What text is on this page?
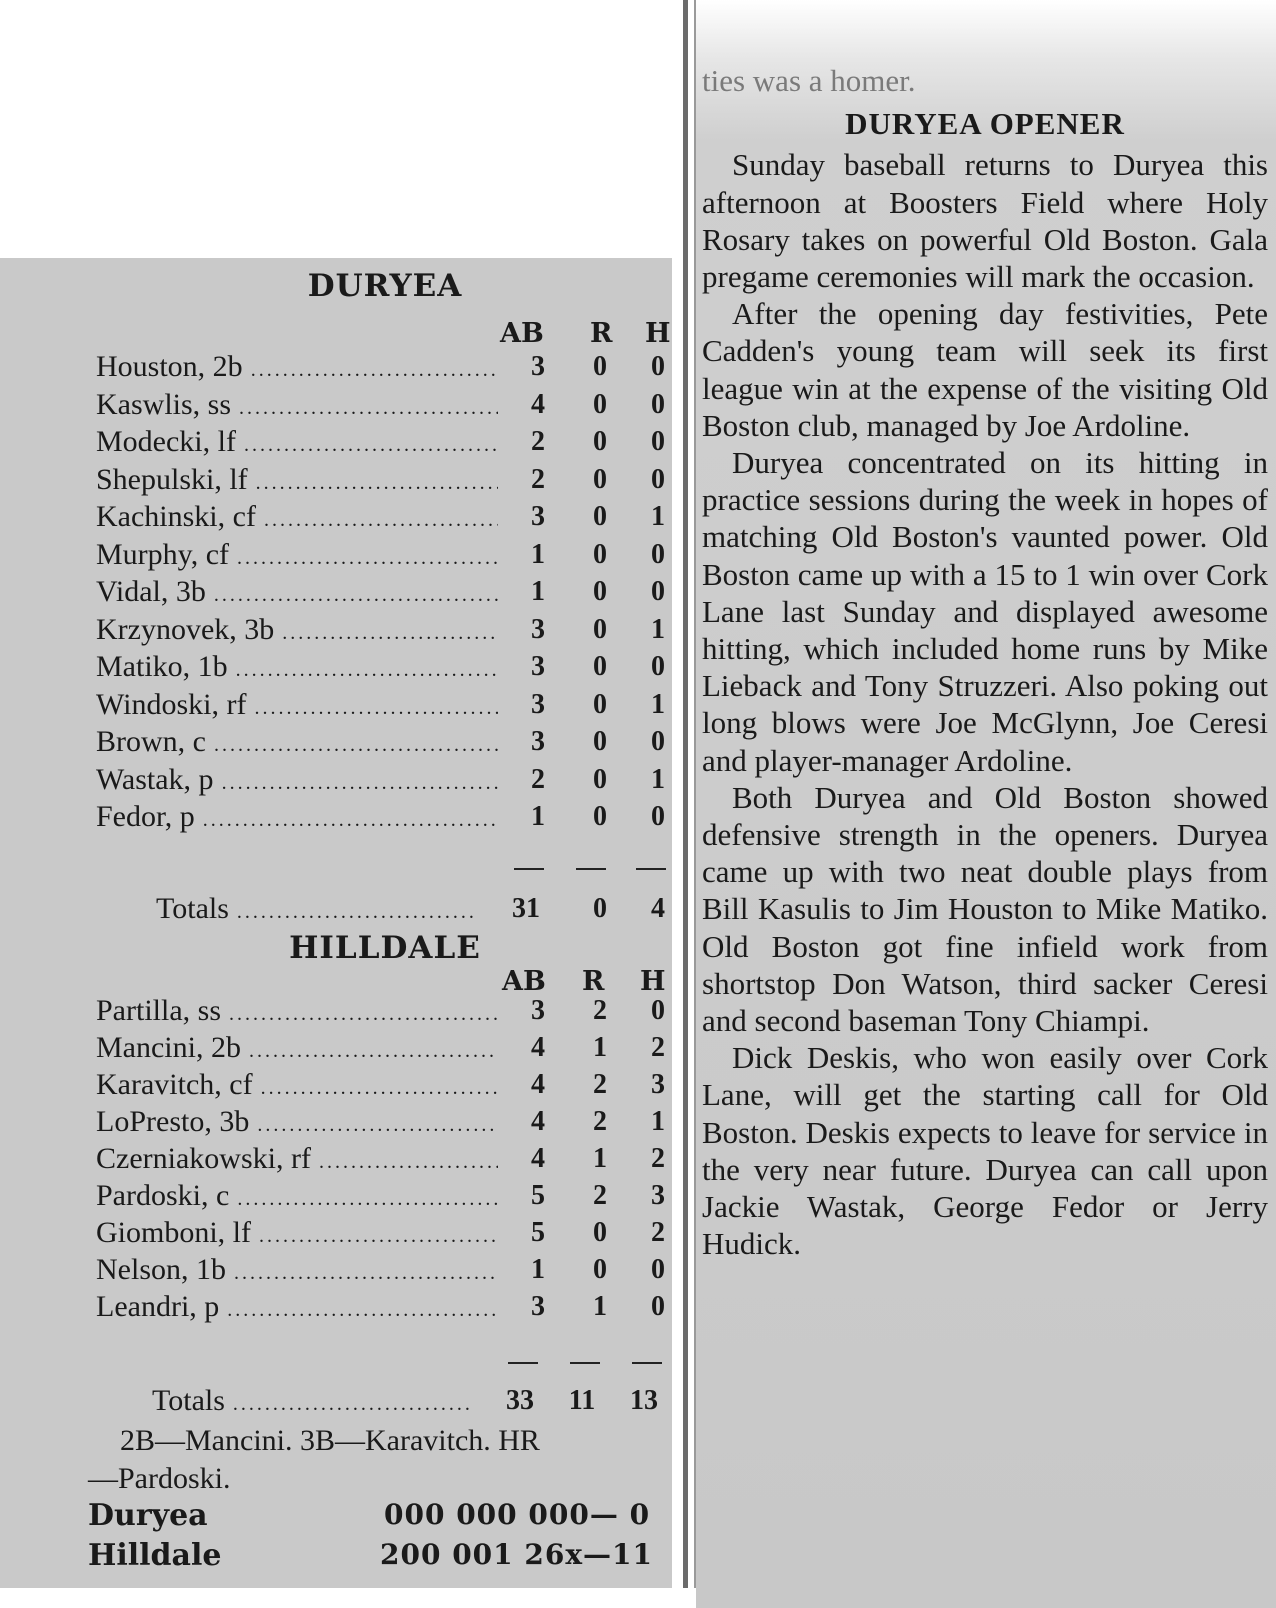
DURYEA
AB R H
Houston, 2b .....	3	0	0
Kaswlis, ss .....	4	0	0
Modecki, lf .....	2	0	0
Shepulski, lf .....	2	0	0
Kachinski, cf .....	3	0	1
Murphy, cf .....	1	0	0
Vidal, 3b .....	1	0	0
Krzynovek, 3b .....	3	0	1
Matiko, 1b .....	3	0	0
Windoski, rf .....	3	0	1
Brown, c .....	3	0	0
Wastak, p .....	2	0	1
Fedor, p .....	1	0	0
Totals .....	31	0	4
HILLDALE
AB R H
Partilla, ss .....	3	2	0
Mancini, 2b .....	4	1	2
Karavitch, cf .....	4	2	3
LoPresto, 3b .....	4	2	1
Czerniakowski, rf .....	4	1	2
Pardoski, c .....	5	2	3
Giomboni, lf .....	5	0	2
Nelson, 1b .....	1	0	0
Leandri, p .....	3	1	0
Totals .....	33 11 13
2B—Mancini. 3B—Karavitch. HR
—Pardoski.
Duryea	000 000 000— 0
Hilldale	200 001 26x—11

ties was a homer.

DURYEA OPENER

Sunday baseball returns to Duryea this afternoon at Boosters Field where Holy Rosary takes on powerful Old Boston. Gala pregame ceremonies will mark the occasion.

After the opening day festivities, Pete Cadden's young team will seek its first league win at the expense of the visiting Old Boston club, managed by Joe Ardoline.

Duryea concentrated on its hitting in practice sessions during the week in hopes of matching Old Boston's vaunted power. Old Boston came up with a 15 to 1 win over Cork Lane last Sunday and displayed awesome hitting, which included home runs by Mike Lieback and Tony Struzzeri. Also poking out long blows were Joe McGlynn, Joe Ceresi and player-manager Ardoline.

Both Duryea and Old Boston showed defensive strength in the openers. Duryea came up with two neat double plays from Bill Kasulis to Jim Houston to Mike Matiko. Old Boston got fine infield work from shortstop Don Watson, third sacker Ceresi and second baseman Tony Chiampi.

Dick Deskis, who won easily over Cork Lane, will get the starting call for Old Boston. Deskis expects to leave for service in the very near future. Duryea can call upon Jackie Wastak, George Fedor or Jerry Hudick.
